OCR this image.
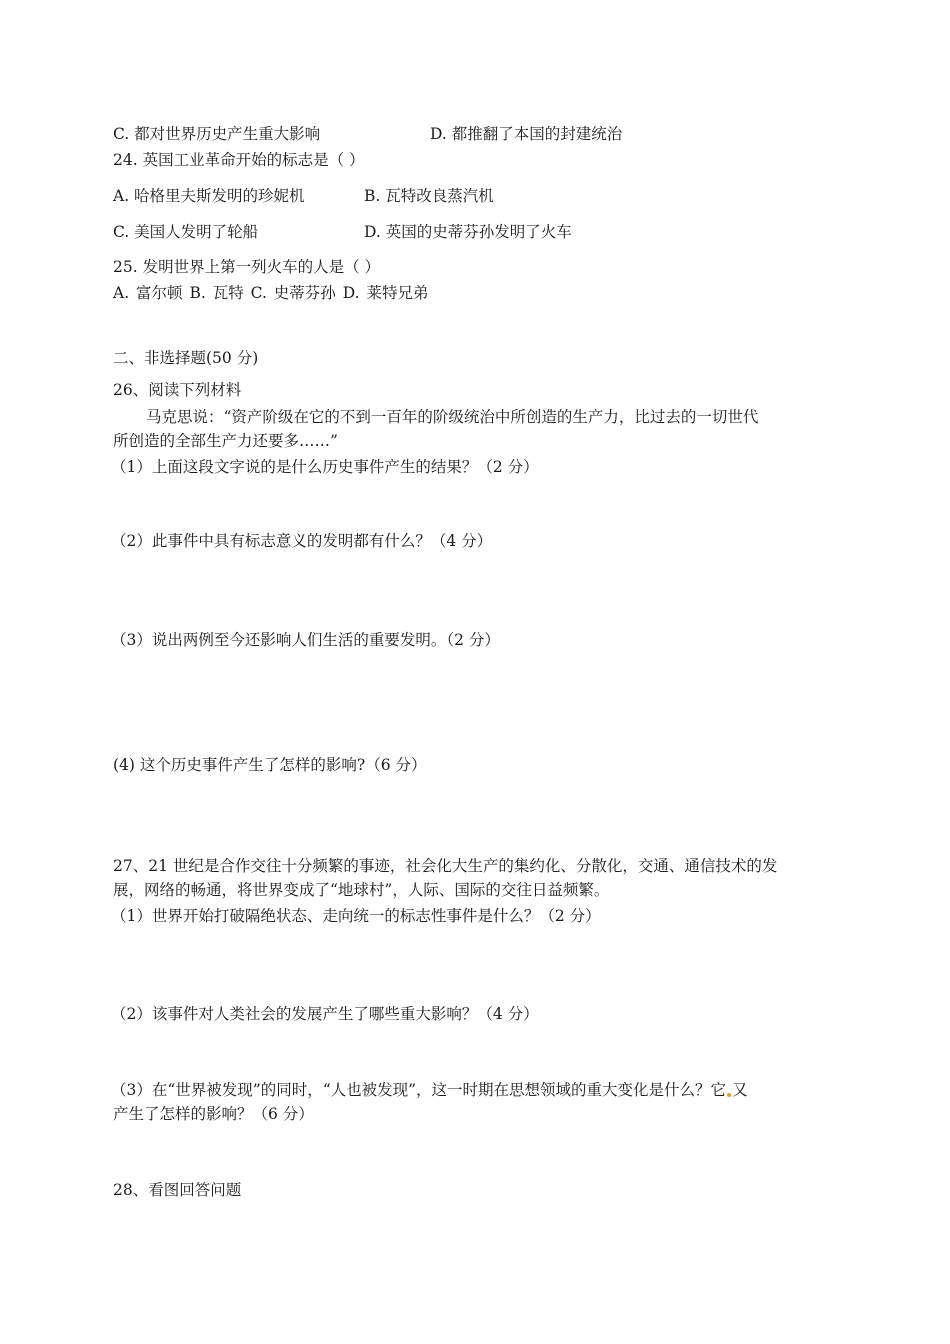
C. 都对世界历史产生重大影响	D. 都推翻了本国的封建统治
24. 英国工业革命开始的标志是（ ）
A. 哈格里夫斯发明的珍妮机	B. 瓦特改良蒸汽机
C. 美国人发明了轮船	D. 英国的史蒂芬孙发明了火车
25. 发明世界上第一列火车的人是（ ）
A. 富尔顿 B. 瓦特 C. 史蒂芬孙 D. 莱特兄弟
二、非选择题(50 分)
26、阅读下列材料
马克思说：“资产阶级在它的不到一百年的阶级统治中所创造的生产力，比过去的一切世代
所创造的全部生产力还要多……”
（1）上面这段文字说的是什么历史事件产生的结果？（2 分）
（2）此事件中具有标志意义的发明都有什么？（4 分）
（3）说出两例至今还影响人们生活的重要发明。（2 分）
(4) 这个历史事件产生了怎样的影响?（6 分）
27、21 世纪是合作交往十分频繁的事迹，社会化大生产的集约化、分散化，交通、通信技术的发
展，网络的畅通，将世界变成了“地球村”，人际、国际的交往日益频繁。
（1）世界开始打破隔绝状态、走向统一的标志性事件是什么？（2 分）
（2）该事件对人类社会的发展产生了哪些重大影响？（4 分）
（3）在“世界被发现”的同时，“人也被发现”，这一时期在思想领域的重大变化是什么？它 又
产生了怎样的影响？（6 分）
28、看图回答问题
